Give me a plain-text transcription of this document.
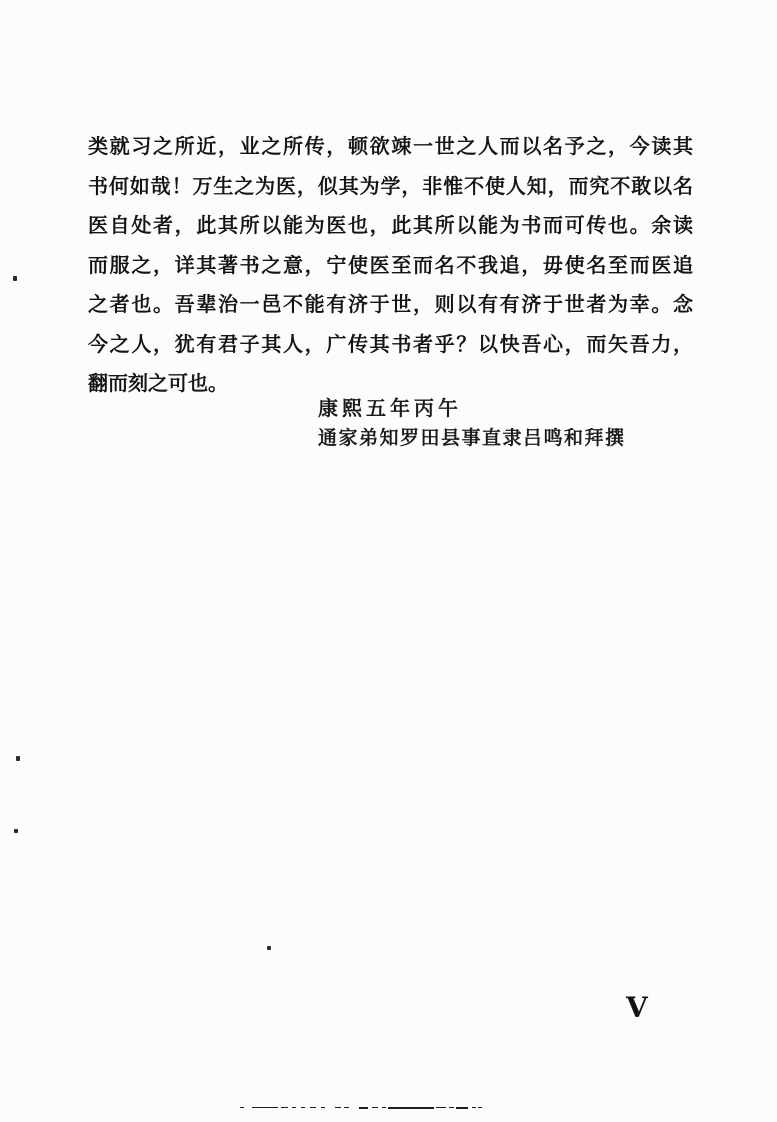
类就习之所近，业之所传，顿欲竦一世之人而以名予之，今读其
书何如哉！万生之为医，似其为学，非惟不使人知，而究不敢以名
医自处者，此其所以能为医也，此其所以能为书而可传也。余读
而服之，详其著书之意，宁使医至而名不我追，毋使名至而医追
之者也。吾辈治一邑不能有济于世，则以有有济于世者为幸。念
今之人，犹有君子其人，广传其书者乎？以快吾心，而矢吾力，
翻而刻之可也。
康熙五年丙午
通家弟知罗田县事直隶吕鸣和拜撰
Ⅴ
